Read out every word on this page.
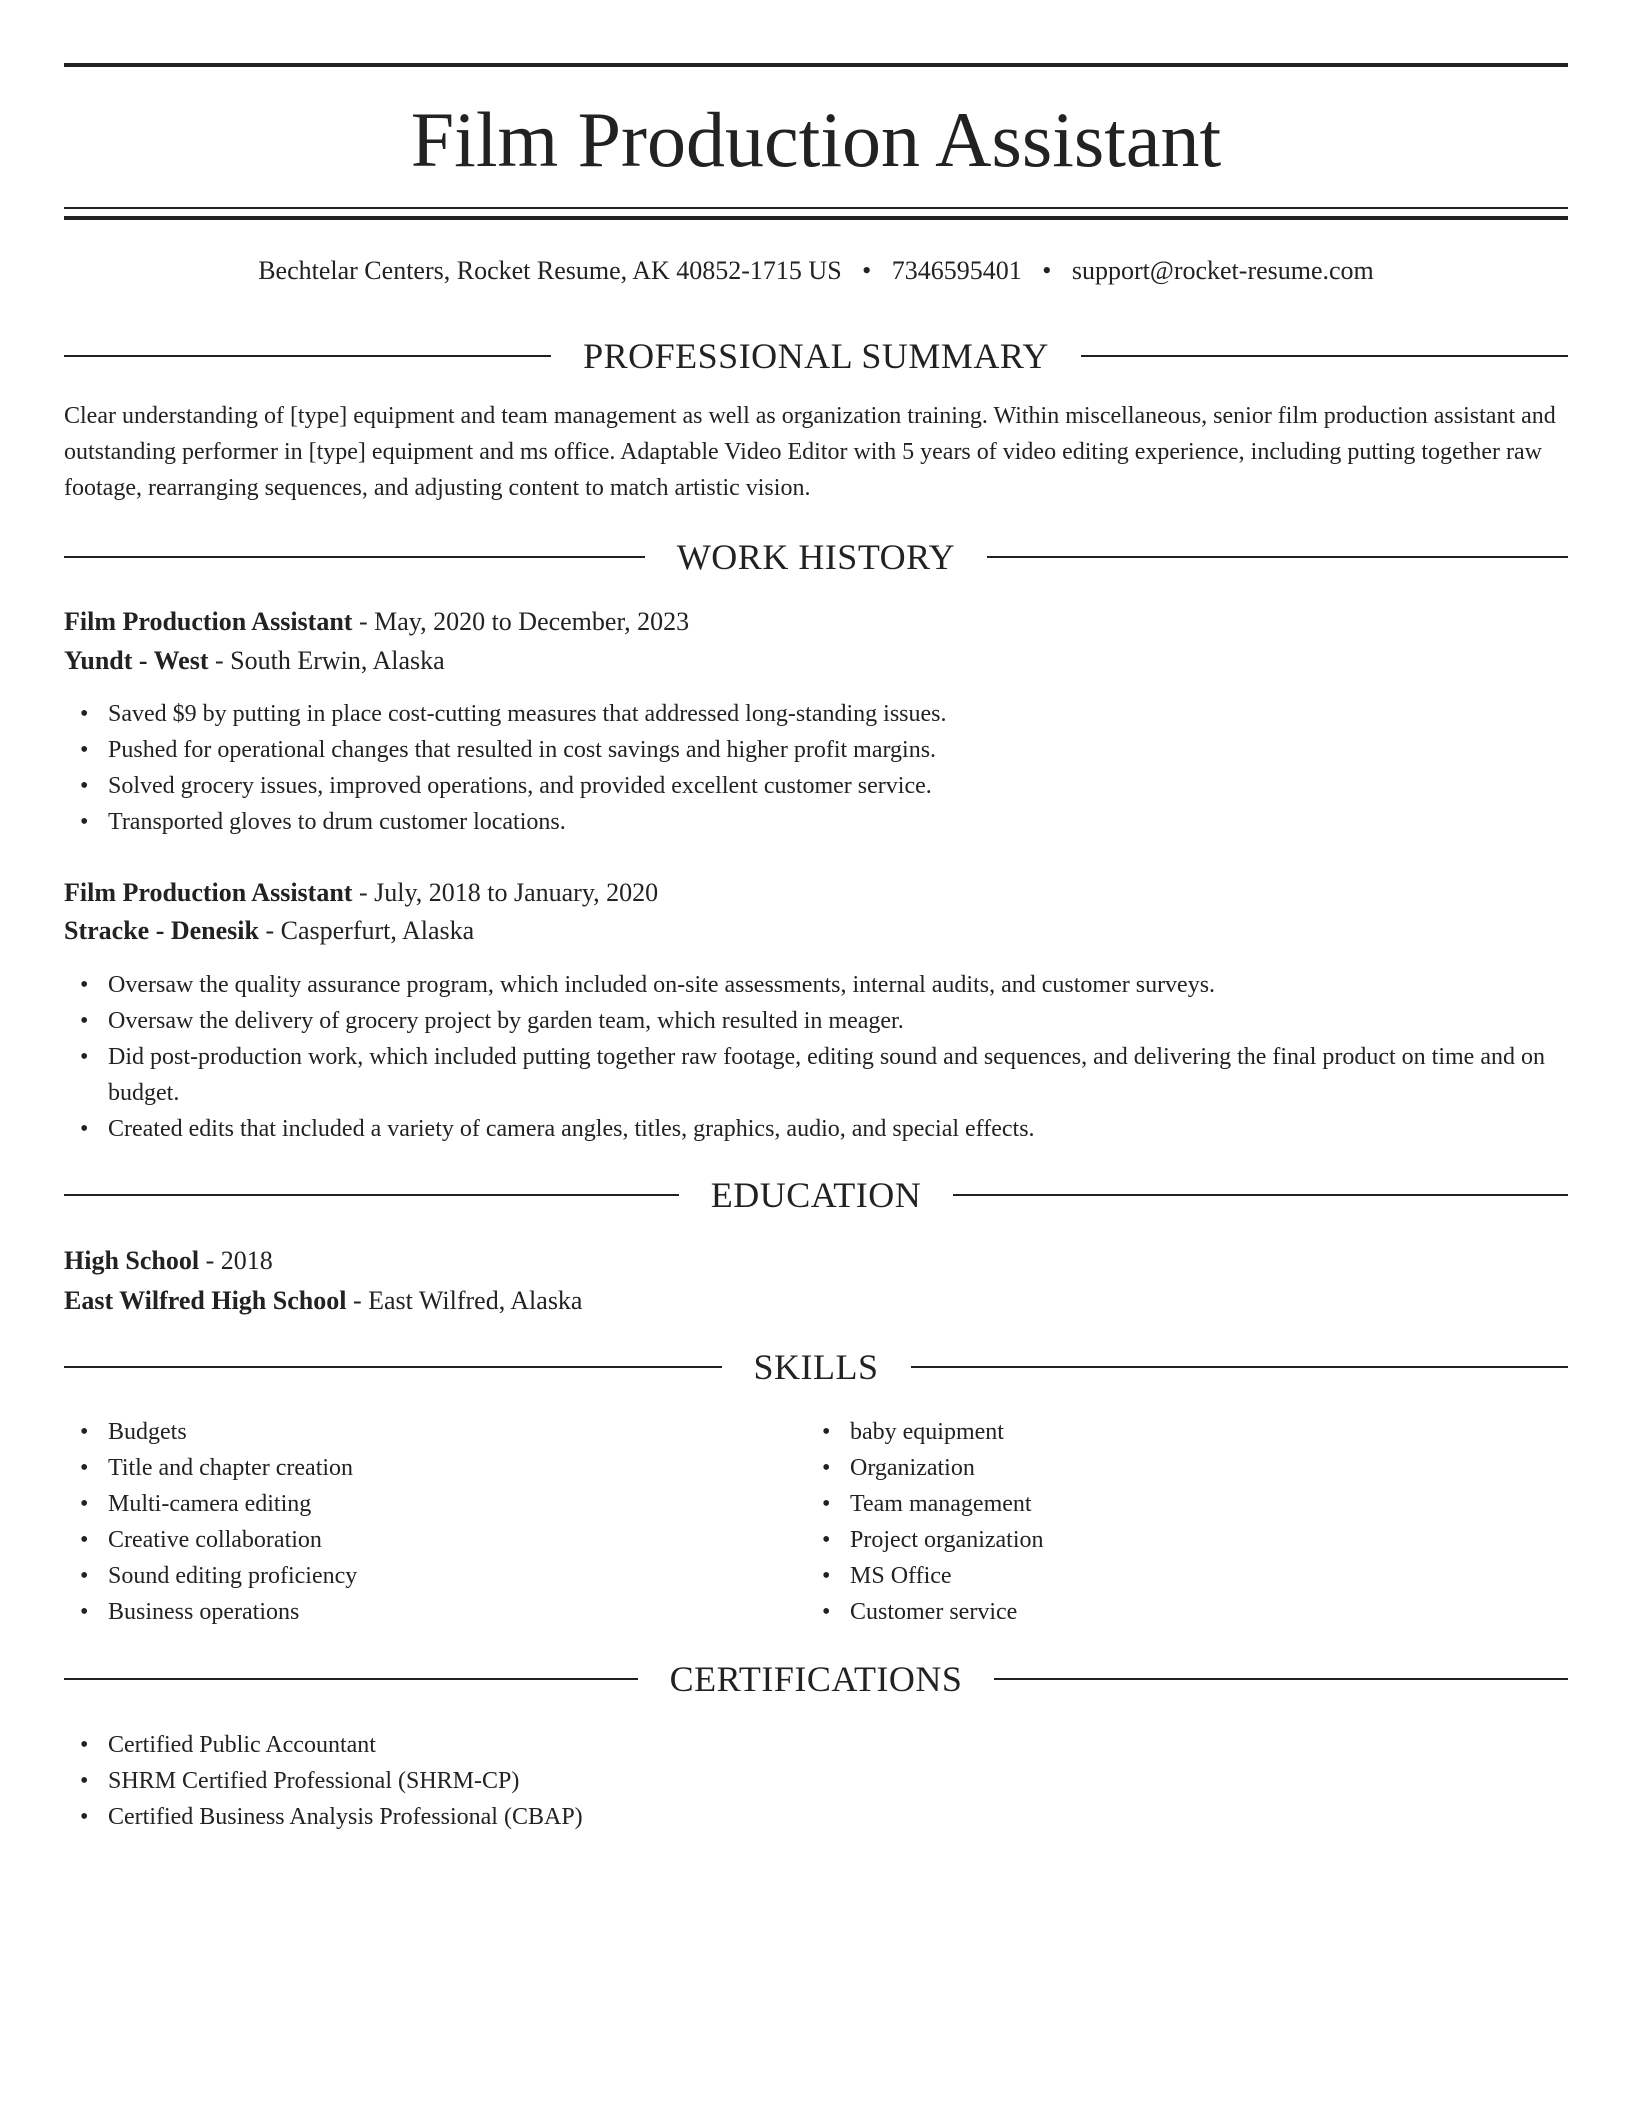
Film Production Assistant
Bechtelar Centers, Rocket Resume, AK 40852-1715 US • 7346595401 • support@rocket-resume.com
PROFESSIONAL SUMMARY

Clear understanding of [type] equipment and team management as well as organization training. Within miscellaneous, senior film production assistant and outstanding performer in [type] equipment and ms office. Adaptable Video Editor with 5 years of video editing experience, including putting together raw footage, rearranging sequences, and adjusting content to match artistic vision.

WORK HISTORY
Film Production Assistant - May, 2020 to December, 2023
Yundt - West - South Erwin, Alaska
• Saved $9 by putting in place cost-cutting measures that addressed long-standing issues.
• Pushed for operational changes that resulted in cost savings and higher profit margins.
• Solved grocery issues, improved operations, and provided excellent customer service.
• Transported gloves to drum customer locations.
Film Production Assistant - July, 2018 to January, 2020
Stracke - Denesik - Casperfurt, Alaska
• Oversaw the quality assurance program, which included on-site assessments, internal audits, and customer surveys.
• Oversaw the delivery of grocery project by garden team, which resulted in meager.
• Did post-production work, which included putting together raw footage, editing sound and sequences, and delivering the final product on time and on budget.
• Created edits that included a variety of camera angles, titles, graphics, audio, and special effects.
EDUCATION
High School - 2018
East Wilfred High School - East Wilfred, Alaska
SKILLS
• Budgets
• Title and chapter creation
• Multi-camera editing
• Creative collaboration
• Sound editing proficiency
• Business operations
• baby equipment
• Organization
• Team management
• Project organization
• MS Office
• Customer service
CERTIFICATIONS
• Certified Public Accountant
• SHRM Certified Professional (SHRM-CP)
• Certified Business Analysis Professional (CBAP)
